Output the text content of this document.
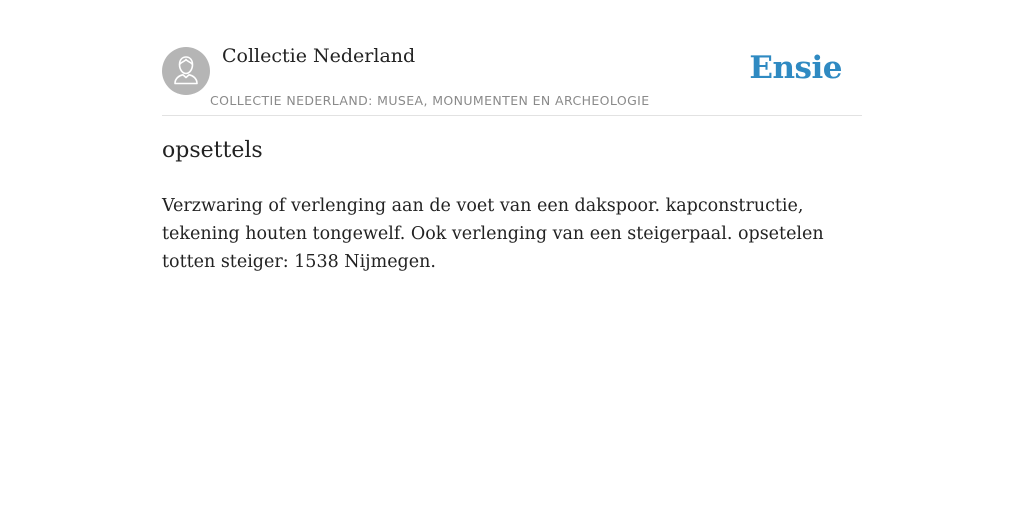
Collectie Nederland
COLLECTIE NEDERLAND: MUSEA, MONUMENTEN EN ARCHEOLOGIE
Ensie
opsettels

Verzwaring of verlenging aan de voet van een dakspoor. kapconstructie, tekening houten tongewelf. Ook verlenging van een steigerpaal. opsetelen totten steiger: 1538 Nijmegen.
